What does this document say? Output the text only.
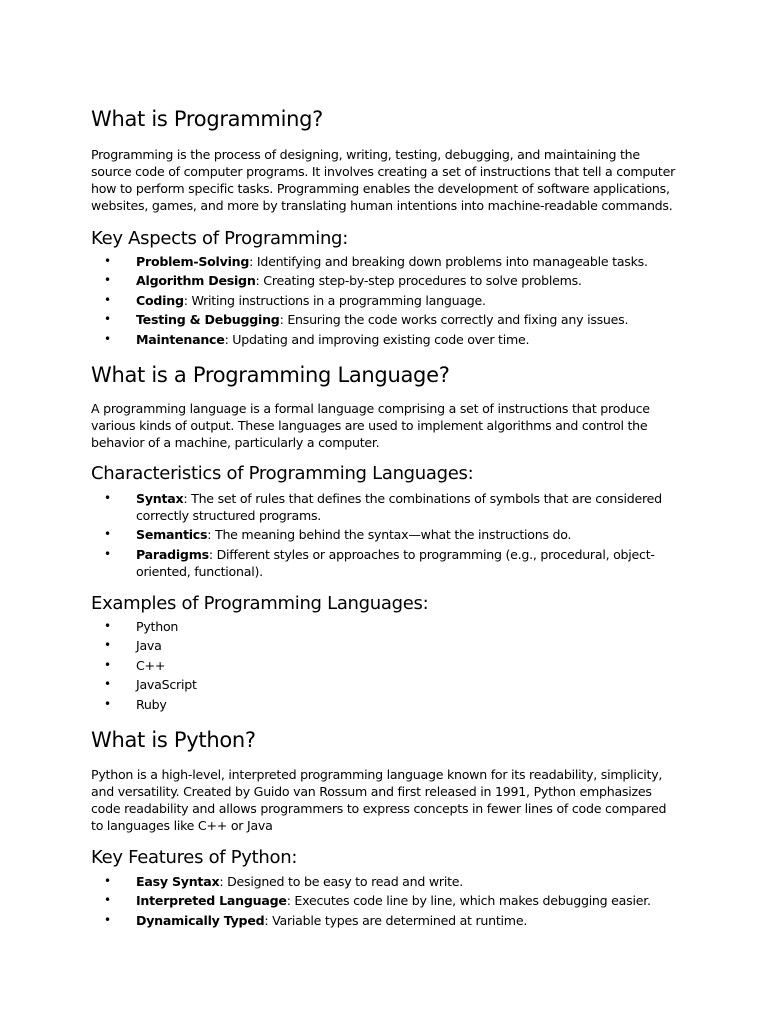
What is Programming?

Programming is the process of designing, writing, testing, debugging, and maintaining the source code of computer programs. It involves creating a set of instructions that tell a computer how to perform specific tasks. Programming enables the development of software applications, websites, games, and more by translating human intentions into machine-readable commands.

Key Aspects of Programming:
• Problem-Solving: Identifying and breaking down problems into manageable tasks.
• Algorithm Design: Creating step-by-step procedures to solve problems.
• Coding: Writing instructions in a programming language.
• Testing & Debugging: Ensuring the code works correctly and fixing any issues.
• Maintenance: Updating and improving existing code over time.
What is a Programming Language?

A programming language is a formal language comprising a set of instructions that produce various kinds of output. These languages are used to implement algorithms and control the behavior of a machine, particularly a computer.

Characteristics of Programming Languages:
• Syntax: The set of rules that defines the combinations of symbols that are considered correctly structured programs.
• Semantics: The meaning behind the syntax—what the instructions do.
• Paradigms: Different styles or approaches to programming (e.g., procedural, object-oriented, functional).
Examples of Programming Languages:
• Python
• Java
• C++
• JavaScript
• Ruby
What is Python?

Python is a high-level, interpreted programming language known for its readability, simplicity, and versatility. Created by Guido van Rossum and first released in 1991, Python emphasizes code readability and allows programmers to express concepts in fewer lines of code compared to languages like C++ or Java

Key Features of Python:
• Easy Syntax: Designed to be easy to read and write.
• Interpreted Language: Executes code line by line, which makes debugging easier.
• Dynamically Typed: Variable types are determined at runtime.
